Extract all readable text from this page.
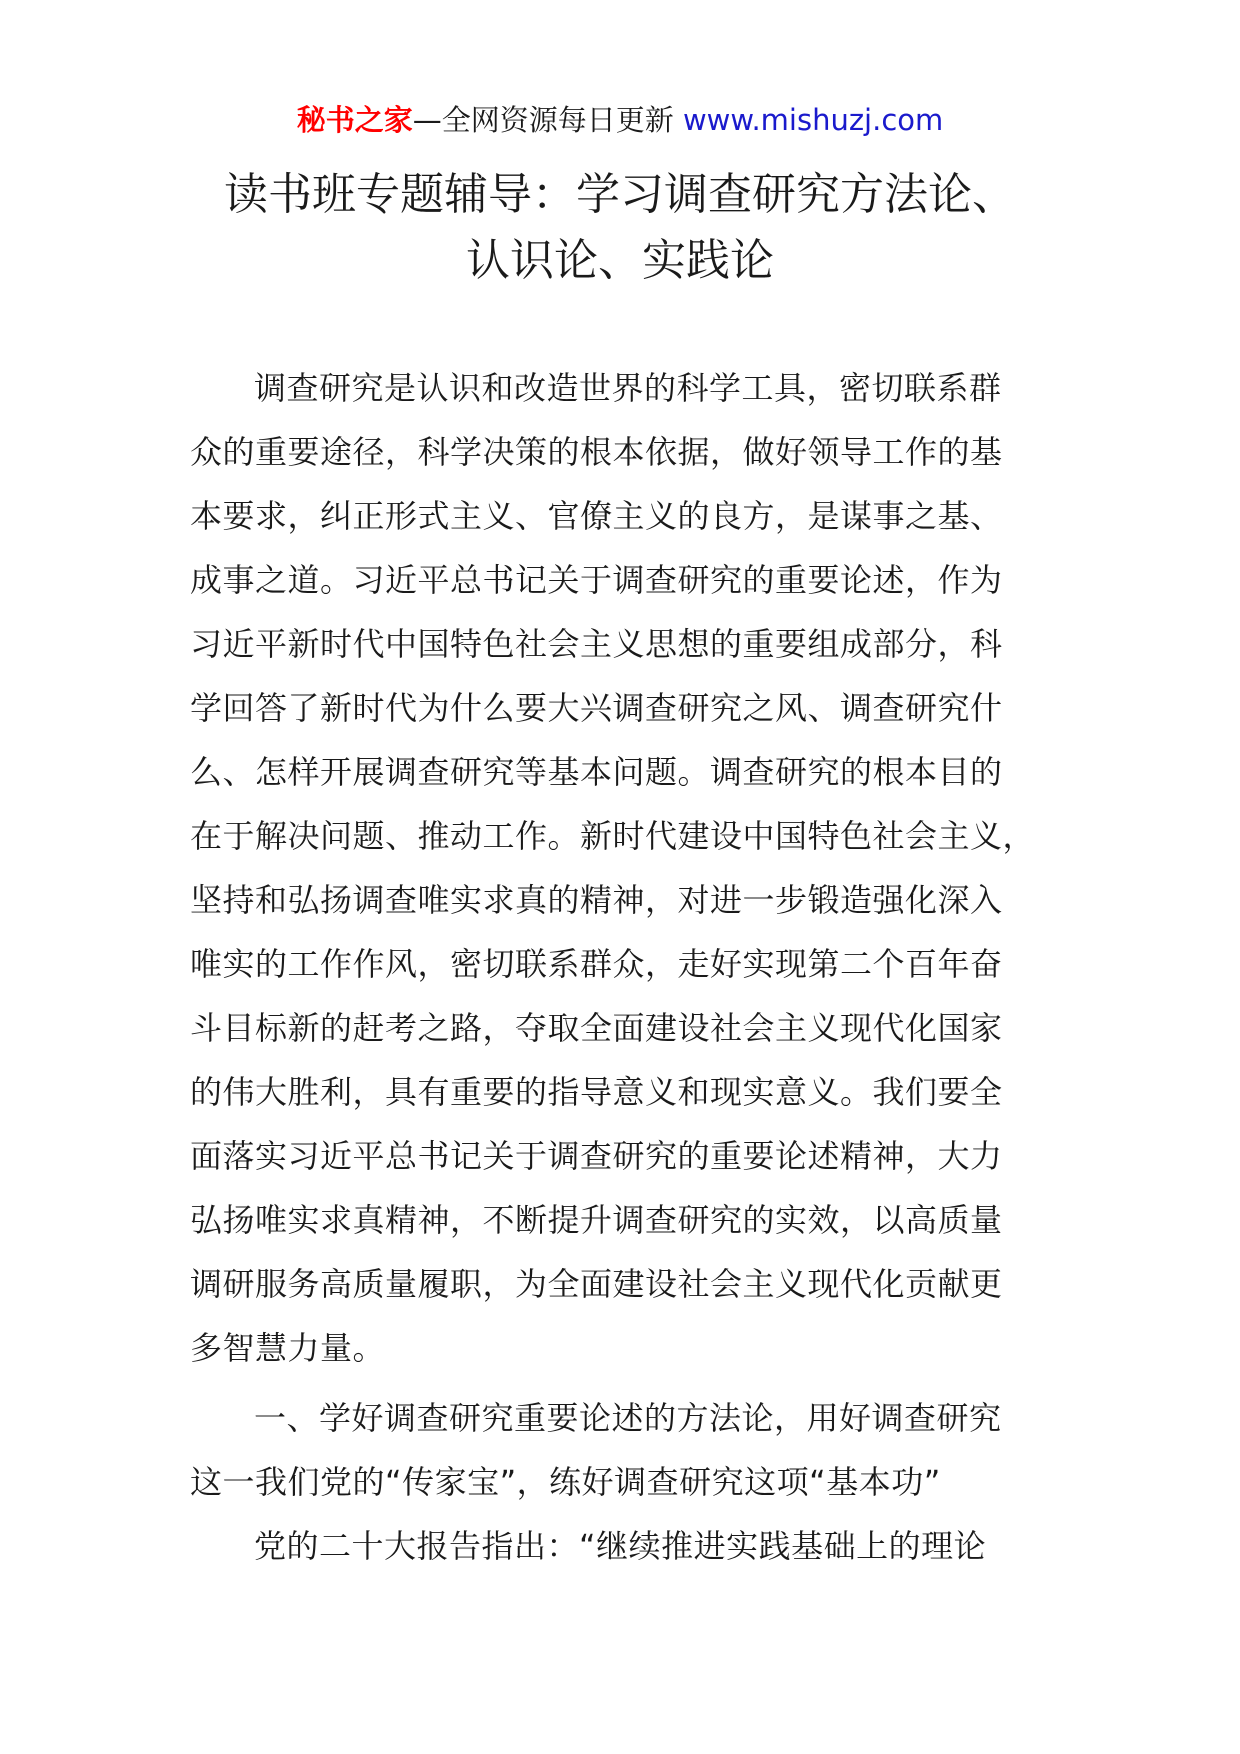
秘书之家—全网资源每日更新 www.mishuzj.com
读书班专题辅导：学习调查研究方法论、
认识论、实践论
调查研究是认识和改造世界的科学工具，密切联系群
众的重要途径，科学决策的根本依据，做好领导工作的基
本要求，纠正形式主义、官僚主义的良方，是谋事之基、
成事之道。习近平总书记关于调查研究的重要论述，作为
习近平新时代中国特色社会主义思想的重要组成部分，科
学回答了新时代为什么要大兴调查研究之风、调查研究什
么、怎样开展调查研究等基本问题。调查研究的根本目的
在于解决问题、推动工作。新时代建设中国特色社会主义，
坚持和弘扬调查唯实求真的精神，对进一步锻造强化深入
唯实的工作作风，密切联系群众，走好实现第二个百年奋
斗目标新的赶考之路，夺取全面建设社会主义现代化国家
的伟大胜利，具有重要的指导意义和现实意义。我们要全
面落实习近平总书记关于调查研究的重要论述精神，大力
弘扬唯实求真精神，不断提升调查研究的实效，以高质量
调研服务高质量履职，为全面建设社会主义现代化贡献更
多智慧力量。
一、学好调查研究重要论述的方法论，用好调查研究
这一我们党的“传家宝”，练好调查研究这项“基本功”
党的二十大报告指出：“继续推进实践基础上的理论
